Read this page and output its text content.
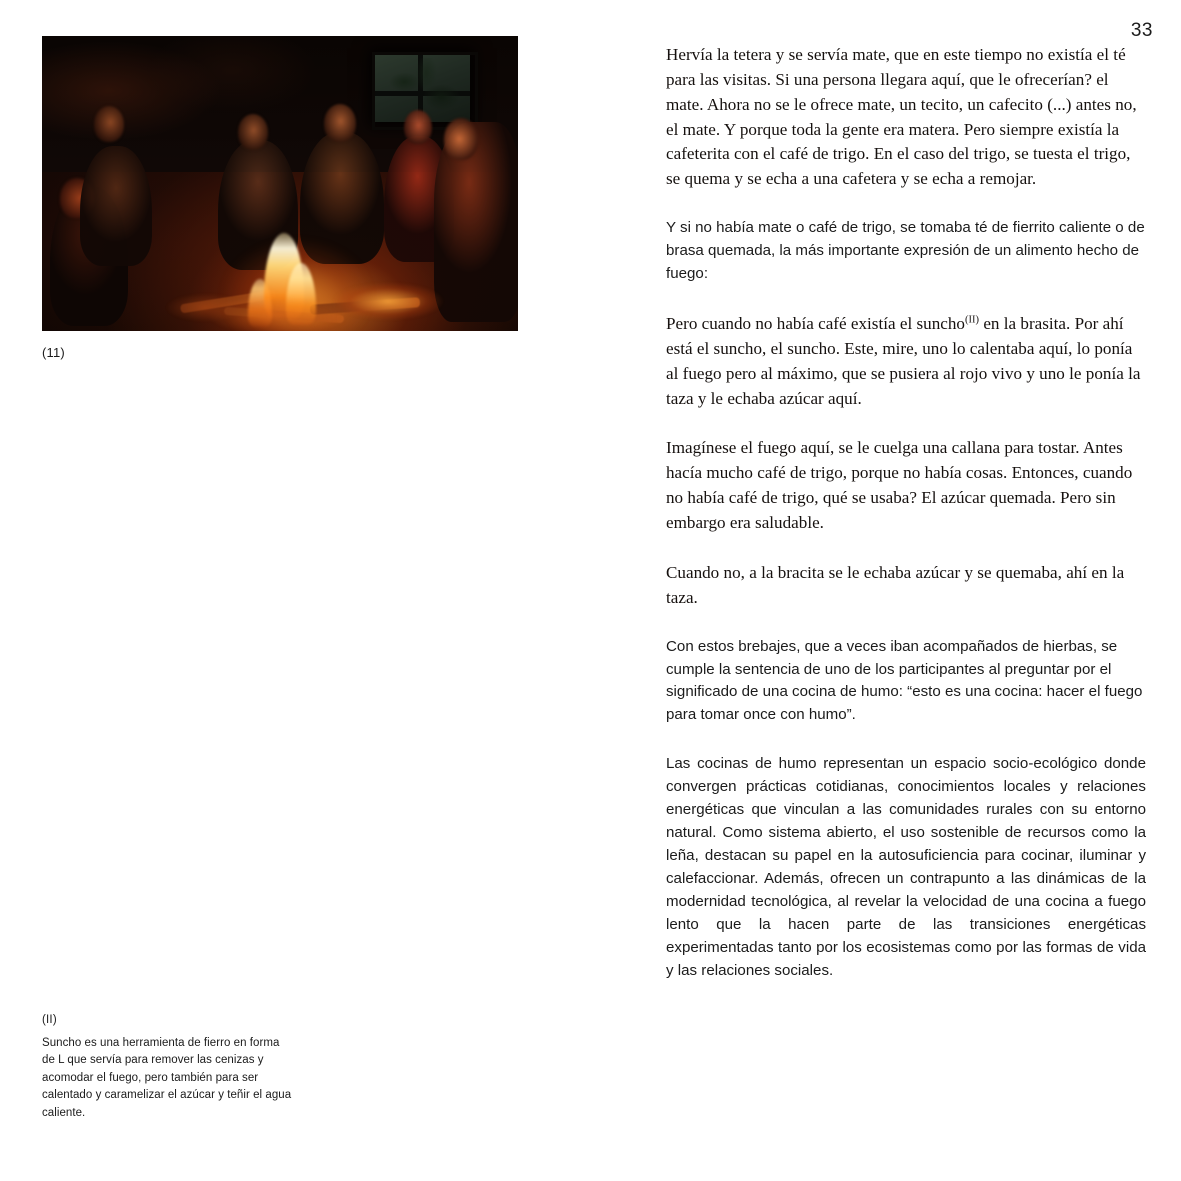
33
(11)
(II)
Suncho es una herramienta de fierro en forma de L que servía para remover las cenizas y acomodar el fuego, pero también para ser calentado y caramelizar el azúcar y teñir el agua caliente.

Hervía la tetera y se servía mate, que en este tiempo no existía el té para las visitas. Si una persona llegara aquí, que le ofrecerían? el mate. Ahora no se le ofrece mate, un tecito, un cafecito (...) antes no, el mate. Y porque toda la gente era matera. Pero siempre existía la cafeterita con el café de trigo. En el caso del trigo, se tuesta el trigo, se quema y se echa a una cafetera y se echa a remojar.

Y si no había mate o café de trigo, se tomaba té de fierrito caliente o de brasa quemada, la más importante expresión de un alimento hecho de fuego:

Pero cuando no había café existía el suncho$^{(II)}$ en la brasita. Por ahí está el suncho, el suncho. Este, mire, uno lo calentaba aquí, lo ponía al fuego pero al máximo, que se pusiera al rojo vivo y uno le ponía la taza y le echaba azúcar aquí.

Imagínese el fuego aquí, se le cuelga una callana para tostar. Antes hacía mucho café de trigo, porque no había cosas. Entonces, cuando no había café de trigo, qué se usaba? El azúcar quemada. Pero sin embargo era saludable.

Cuando no, a la bracita se le echaba azúcar y se quemaba, ahí en la taza.

Con estos brebajes, que a veces iban acompañados de hierbas, se cumple la sentencia de uno de los participantes al preguntar por el significado de una cocina de humo: “esto es una cocina: hacer el fuego para tomar once con humo”.

Las cocinas de humo representan un espacio socio-ecológico donde convergen prácticas cotidianas, conocimientos locales y relaciones energéticas que vinculan a las comunidades rurales con su entorno natural. Como sistema abierto, el uso sostenible de recursos como la leña, destacan su papel en la autosuficiencia para cocinar, iluminar y calefaccionar. Además, ofrecen un contrapunto a las dinámicas de la modernidad tecnológica, al revelar la velocidad de una cocina a fuego lento que la hacen parte de las transiciones energéticas experimentadas tanto por los ecosistemas como por las formas de vida y las relaciones sociales.
